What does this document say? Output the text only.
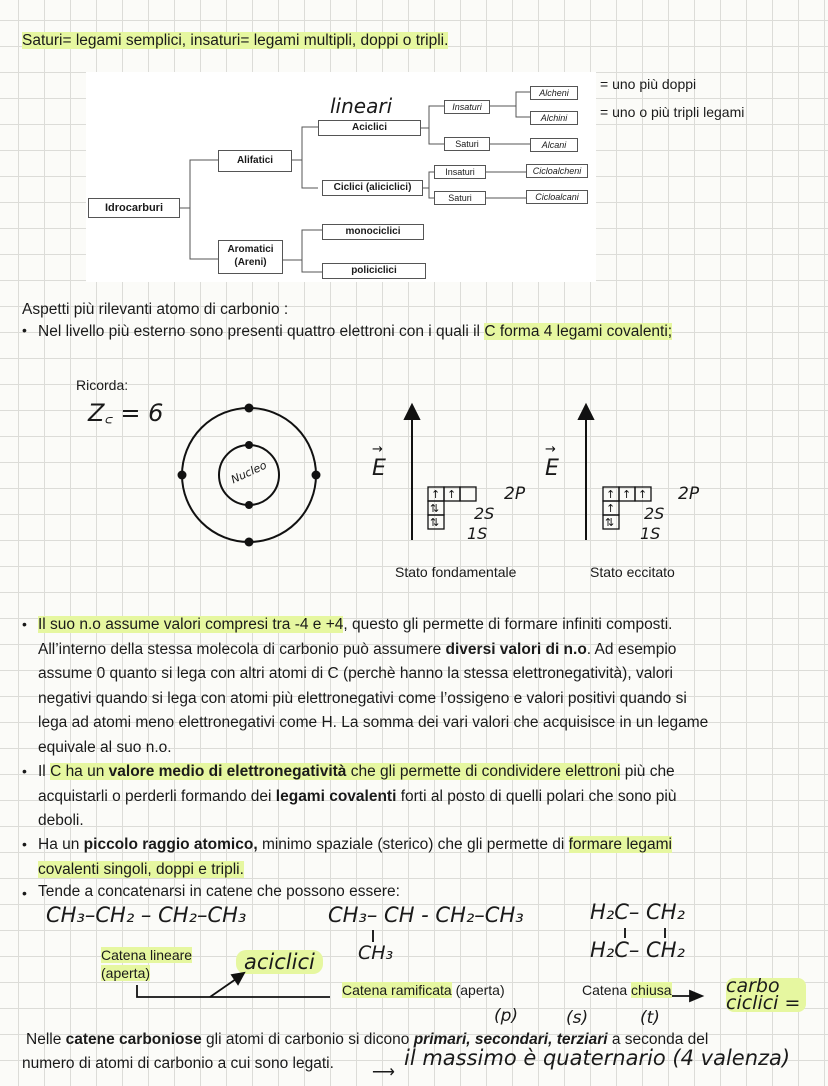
Saturi= legami semplici, insaturi= legami multipli, doppi o tripli.
Idrocarburi
Alifatici
Aromatici (Areni)
Aciclici
Ciclici (aliciclici)
monociclici
policiclici
Insaturi
Saturi
Insaturi
Saturi
Alcheni
Alchini
Alcani
Cicloalcheni
Cicloalcani
lineari
= uno più doppi
= uno o più tripli legami
Aspetti più rilevanti atomo di carbonio :
• Nel livello più esterno sono presenti quattro elettroni con i quali il C forma 4 legami covalenti;
Ricorda:
Z꜀ = 6
↑ ↑
⇅
⇅
↑ ↑ ↑
↑
⇅
→	→
Nucleo	E	E
2P
2S
1S
2P
2S
1S
Stato fondamentale	Stato eccitato
• Il suo n.o assume valori compresi tra -4 e +4, questo gli permette di formare infiniti composti.
All’interno della stessa molecola di carbonio può assumere diversi valori di n.o. Ad esempio
assume 0 quanto si lega con altri atomi di C (perchè hanno la stessa elettronegatività), valori
negativi quando si lega con atomi più elettronegativi come l’ossigeno e valori positivi quando si
lega ad atomi meno elettronegativi come H. La somma dei vari valori che acquisisce in un legame
equivale al suo n.o.
• Il C ha un valore medio di elettronegatività che gli permette di condividere elettroni più che
acquistarli o perderli formando dei legami covalenti forti al posto di quelli polari che sono più
deboli.
• Ha un piccolo raggio atomico, minimo spaziale (sterico) che gli permette di formare legami
covalenti singoli, doppi e tripli.
• Tende a concatenarsi in catene che possono essere:
CH₃–CH₂ – CH₂–CH₃	CH₃– CH - CH₂–CH₃
CH₃
H₂C– CH₂
H₂C– CH₂
Catena lineare (aperta)	aciclici
Catena ramificata (aperta)	Catena chiusa	carbo ciclici =
(p)	(s)	(t)
Nelle catene carboniose gli atomi di carbonio si dicono primari, secondari, terziari a seconda del
numero di atomi di carbonio a cui sono legati.
⟶
il massimo è quaternario (4 valenza)
